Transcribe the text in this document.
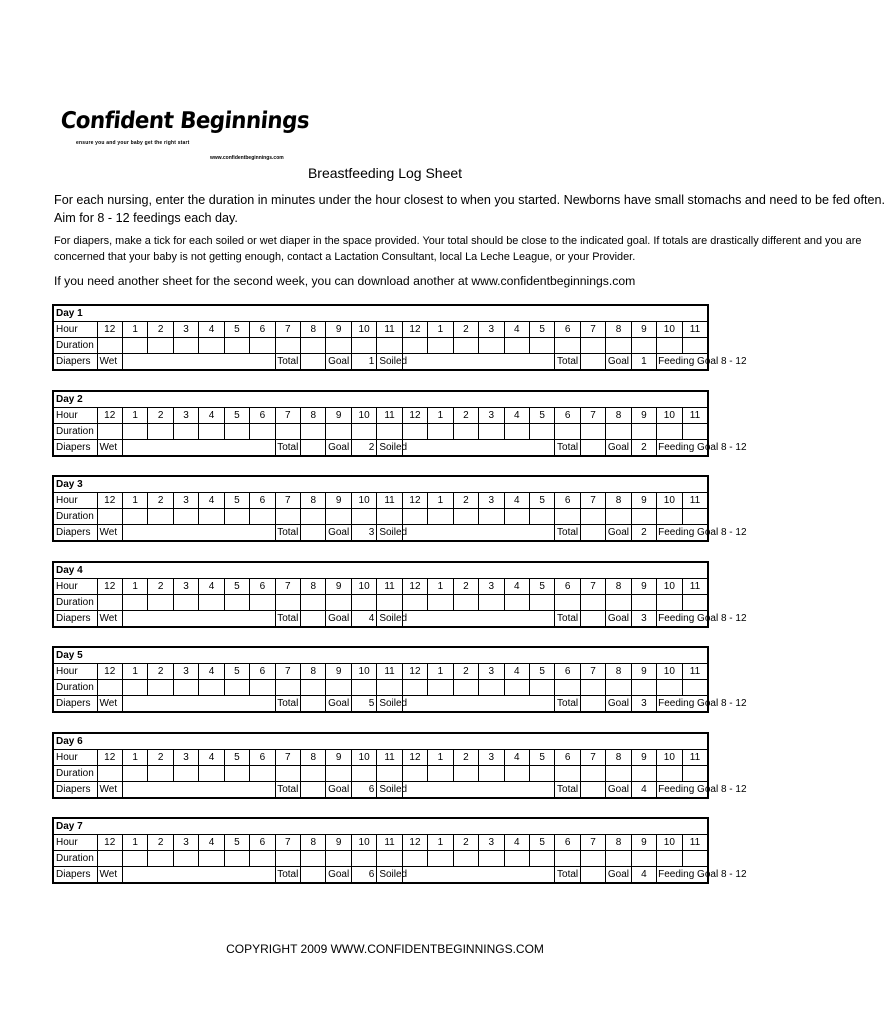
Confident Beginnings
ensure you and your baby get the right start
www.confidentbeginnings.com
Breastfeeding Log Sheet
For each nursing, enter the duration in minutes under the hour closest to when you started. Newborns have small stomachs and need to be fed often.
Aim for 8 - 12 feedings each day.
For diapers, make a tick for each soiled or wet diaper in the space provided. Your total should be close to the indicated goal. If totals are drastically different and you are
concerned that your baby is not getting enough, contact a Lactation Consultant, local La Leche League, or your Provider.
If you need another sheet for the second week, you can download another at www.confidentbeginnings.com
Day 1																								
Hour	12	1	2	3	4	5	6	7	8	9	10	11	12	1	2	3	4	5	6	7	8	9	10	11
Duration																								
Diapers	Wet							Total		Goal	1	Soiled							Total		Goal	1	Feeding Goal 8 - 12	
Day 2																								
Hour	12	1	2	3	4	5	6	7	8	9	10	11	12	1	2	3	4	5	6	7	8	9	10	11
Duration																								
Diapers	Wet							Total		Goal	2	Soiled							Total		Goal	2	Feeding Goal 8 - 12	
Day 3																								
Hour	12	1	2	3	4	5	6	7	8	9	10	11	12	1	2	3	4	5	6	7	8	9	10	11
Duration																								
Diapers	Wet							Total		Goal	3	Soiled							Total		Goal	2	Feeding Goal 8 - 12	
Day 4																								
Hour	12	1	2	3	4	5	6	7	8	9	10	11	12	1	2	3	4	5	6	7	8	9	10	11
Duration																								
Diapers	Wet							Total		Goal	4	Soiled							Total		Goal	3	Feeding Goal 8 - 12	
Day 5																								
Hour	12	1	2	3	4	5	6	7	8	9	10	11	12	1	2	3	4	5	6	7	8	9	10	11
Duration																								
Diapers	Wet							Total		Goal	5	Soiled							Total		Goal	3	Feeding Goal 8 - 12	
Day 6																								
Hour	12	1	2	3	4	5	6	7	8	9	10	11	12	1	2	3	4	5	6	7	8	9	10	11
Duration																								
Diapers	Wet							Total		Goal	6	Soiled							Total		Goal	4	Feeding Goal 8 - 12	
Day 7																								
Hour	12	1	2	3	4	5	6	7	8	9	10	11	12	1	2	3	4	5	6	7	8	9	10	11
Duration																								
Diapers	Wet							Total		Goal	6	Soiled							Total		Goal	4	Feeding Goal 8 - 12	
COPYRIGHT 2009 WWW.CONFIDENTBEGINNINGS.COM
